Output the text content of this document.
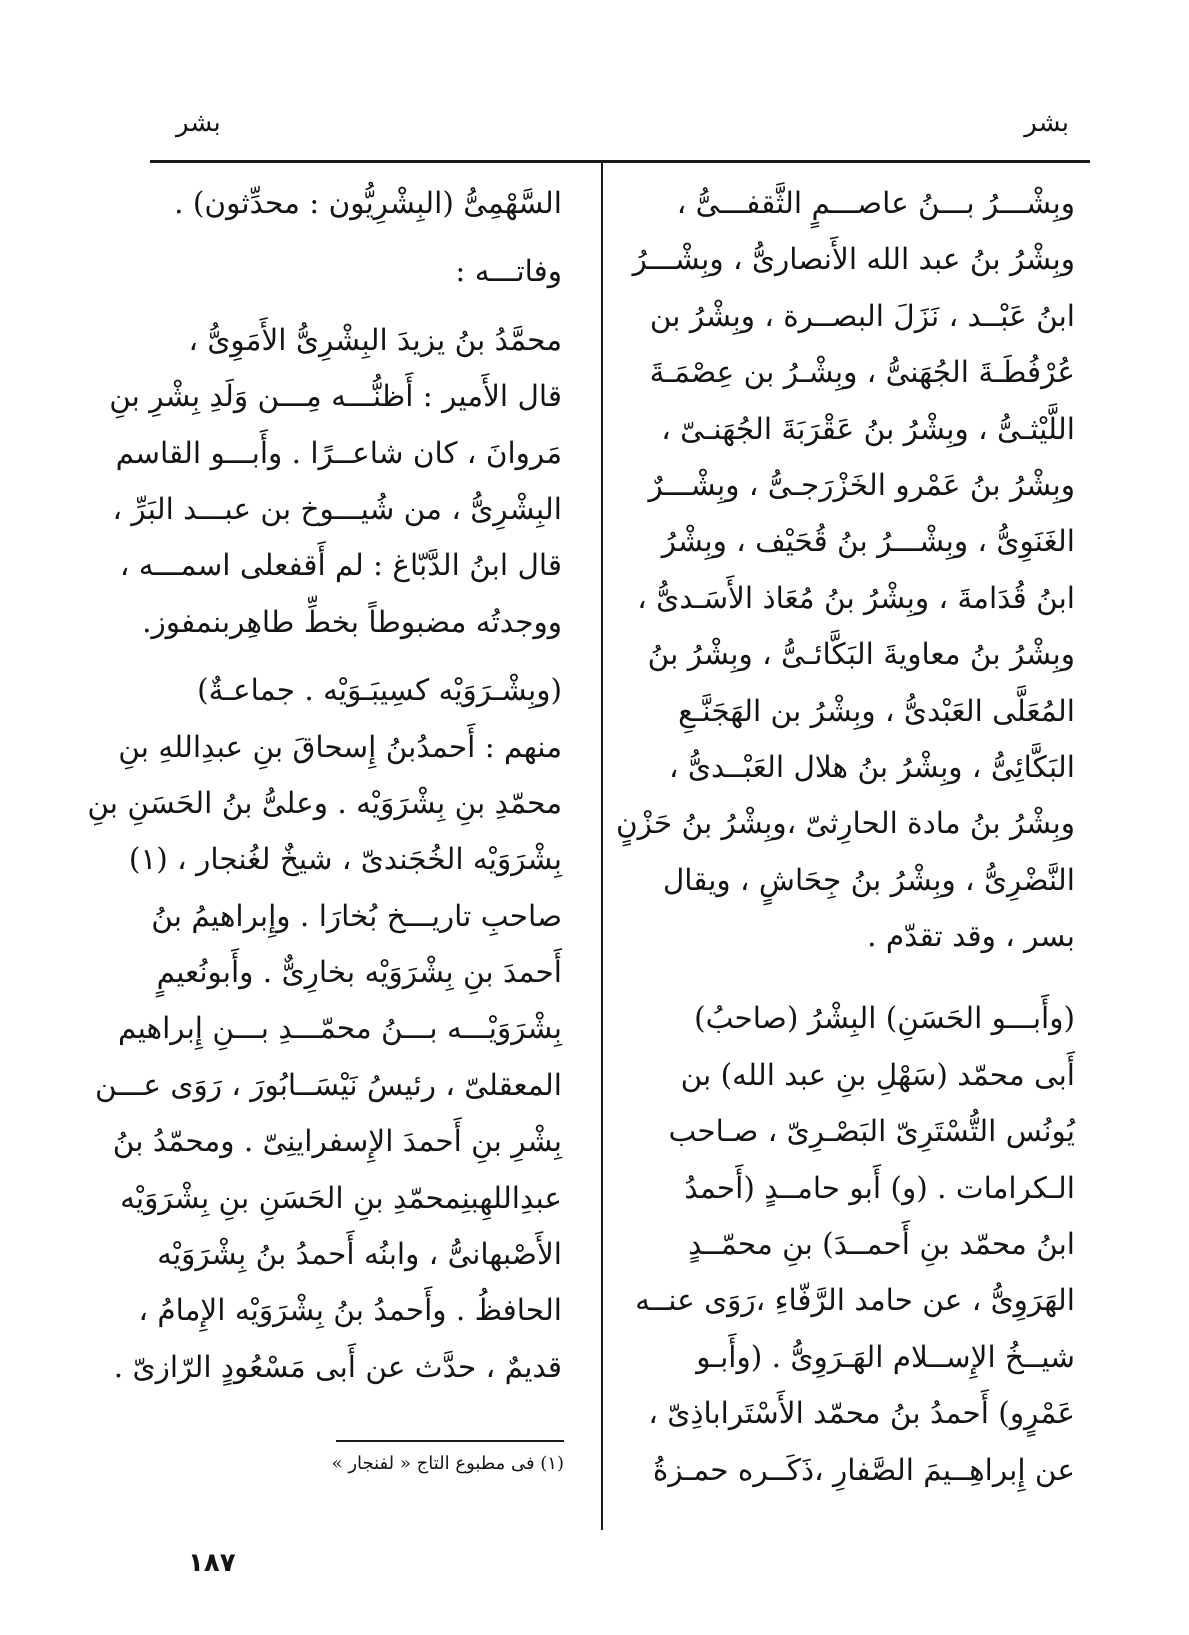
بشر
بشر
وبِشْـــرُ بـــنُ عاصـــمٍ الثَّقفـــىُّ ،
وبِشْرُ بنُ عبد الله الأَنصارىُّ ، وبِشْـــرُ
ابنُ عَبْــد ، نَزَلَ البصــرة ، وبِشْرُ بن
عُرْفُطَـةَ الجُهَنىُّ ، وبِشْـرُ بن عِصْمَـةَ
اللَّيْثـىُّ ، وبِشْرُ بنُ عَقْرَبَةَ الجُهَنـىّ ،
وبِشْرُ بنُ عَمْرو الخَزْرَجـىُّ ، وبِشْـــرٌ
الغَنَوِىُّ ، وبِشْـــرُ بنُ قُحَيْف ، وبِشْرُ
ابنُ قُدَامةَ ، وبِشْرُ بنُ مُعَاذ الأَسَـدىُّ ،
وبِشْرُ بنُ معاويةَ البَكَّائـىُّ ، وبِشْرُ بنُ
المُعَلَّى العَبْدىُّ ، وبِشْرُ بن الهَجَنَّـعِ
البَكَّائِىُّ ، وبِشْرُ بنُ هلال العَبْــدىُّ ،
وبِشْرُ بنُ مادة الحارِثىّ ،وبِشْرُ بنُ حَزْنٍ
النَّضْرِىُّ ، وبِشْرُ بنُ جِحَاشٍ ، ويقال
بسر ، وقد تقدّم .
(وأَبـــو الحَسَنِ) البِشْرُ (صاحبُ)
أَبى محمّد (سَهْلِ بنِ عبد الله) بن
يُونُس التُّسْتَرِىّ البَصْـرِىّ ، صـاحب
الـكرامات . (و) أَبو حامــدٍ (أَحمدُ
ابنُ محمّد بنِ أَحمــدَ) بنِ محمّــدٍ
الهَرَوِىُّ ، عن حامد الرَّفّاءِ ،رَوَى عنــه
شيــخُ الإِســلام الهَـرَوِىُّ . (وأَبـو
عَمْرٍو) أَحمدُ بنُ محمّد الأَسْتَراباذِىّ ،
عن إِبراهِــيمَ الصَّفارِ ،ذَكَــره حمـزةُ
السَّهْمِىُّ (البِشْرِيُّون : محدِّثون) .
وفاتـــه :
محمَّدُ بنُ يزيدَ البِشْرِىُّ الأَمَوِىُّ ،
قال الأَمير : أَظنُّـــه مِـــن وَلَدِ بِشْرِ بنِ
مَروانَ ، كان شاعــرًا . وأَبـــو القاسم
البِشْرِىُّ ، من شُيـــوخ بن عبـــد البَرِّ ،
قال ابنُ الدَّبّاغ : لم أَقفعلى اسمـــه ،
ووجدتُه مضبوطاً بخطِّ طاهِربنمفوز.
(وبِشْـرَوَيْه كسِيبَـوَيْه . جماعـةٌ)
منهم : أَحمدُبنُ إِسحاقَ بنِ عبدِاللهِ بنِ
محمّدِ بنِ بِشْرَوَيْه . وعلىُّ بنُ الحَسَنِ بنِ
بِشْرَوَيْه الخُجَندىّ ، شيخٌ لغُنجار ، (١)
صاحبِ تاريـــخ بُخارَا . وإِبراهيمُ بنُ
أَحمدَ بنِ بِشْرَوَيْه بخارِىٌّ . وأَبونُعيمٍ
بِشْرَوَيْـــه بـــنُ محمّـــدِ بـــنِ إِبراهيم
المعقلىّ ، رئيسُ نَيْسَــابُورَ ، رَوَى عـــن
بِشْرِ بنِ أَحمدَ الإِسفراينِىّ . ومحمّدُ بنُ
عبدِاللهِبنِمحمّدِ بنِ الحَسَنِ بنِ بِشْرَوَيْه
الأَصْبهانىُّ ، وابنُه أَحمدُ بنُ بِشْرَوَيْه
الحافظُ . وأَحمدُ بنُ بِشْرَوَيْه الإِمامُ ،
قديمٌ ، حدَّث عن أَبى مَسْعُودٍ الرّازىّ .
(١) فى مطبوع التاج « لفنجار »
١٨٧
